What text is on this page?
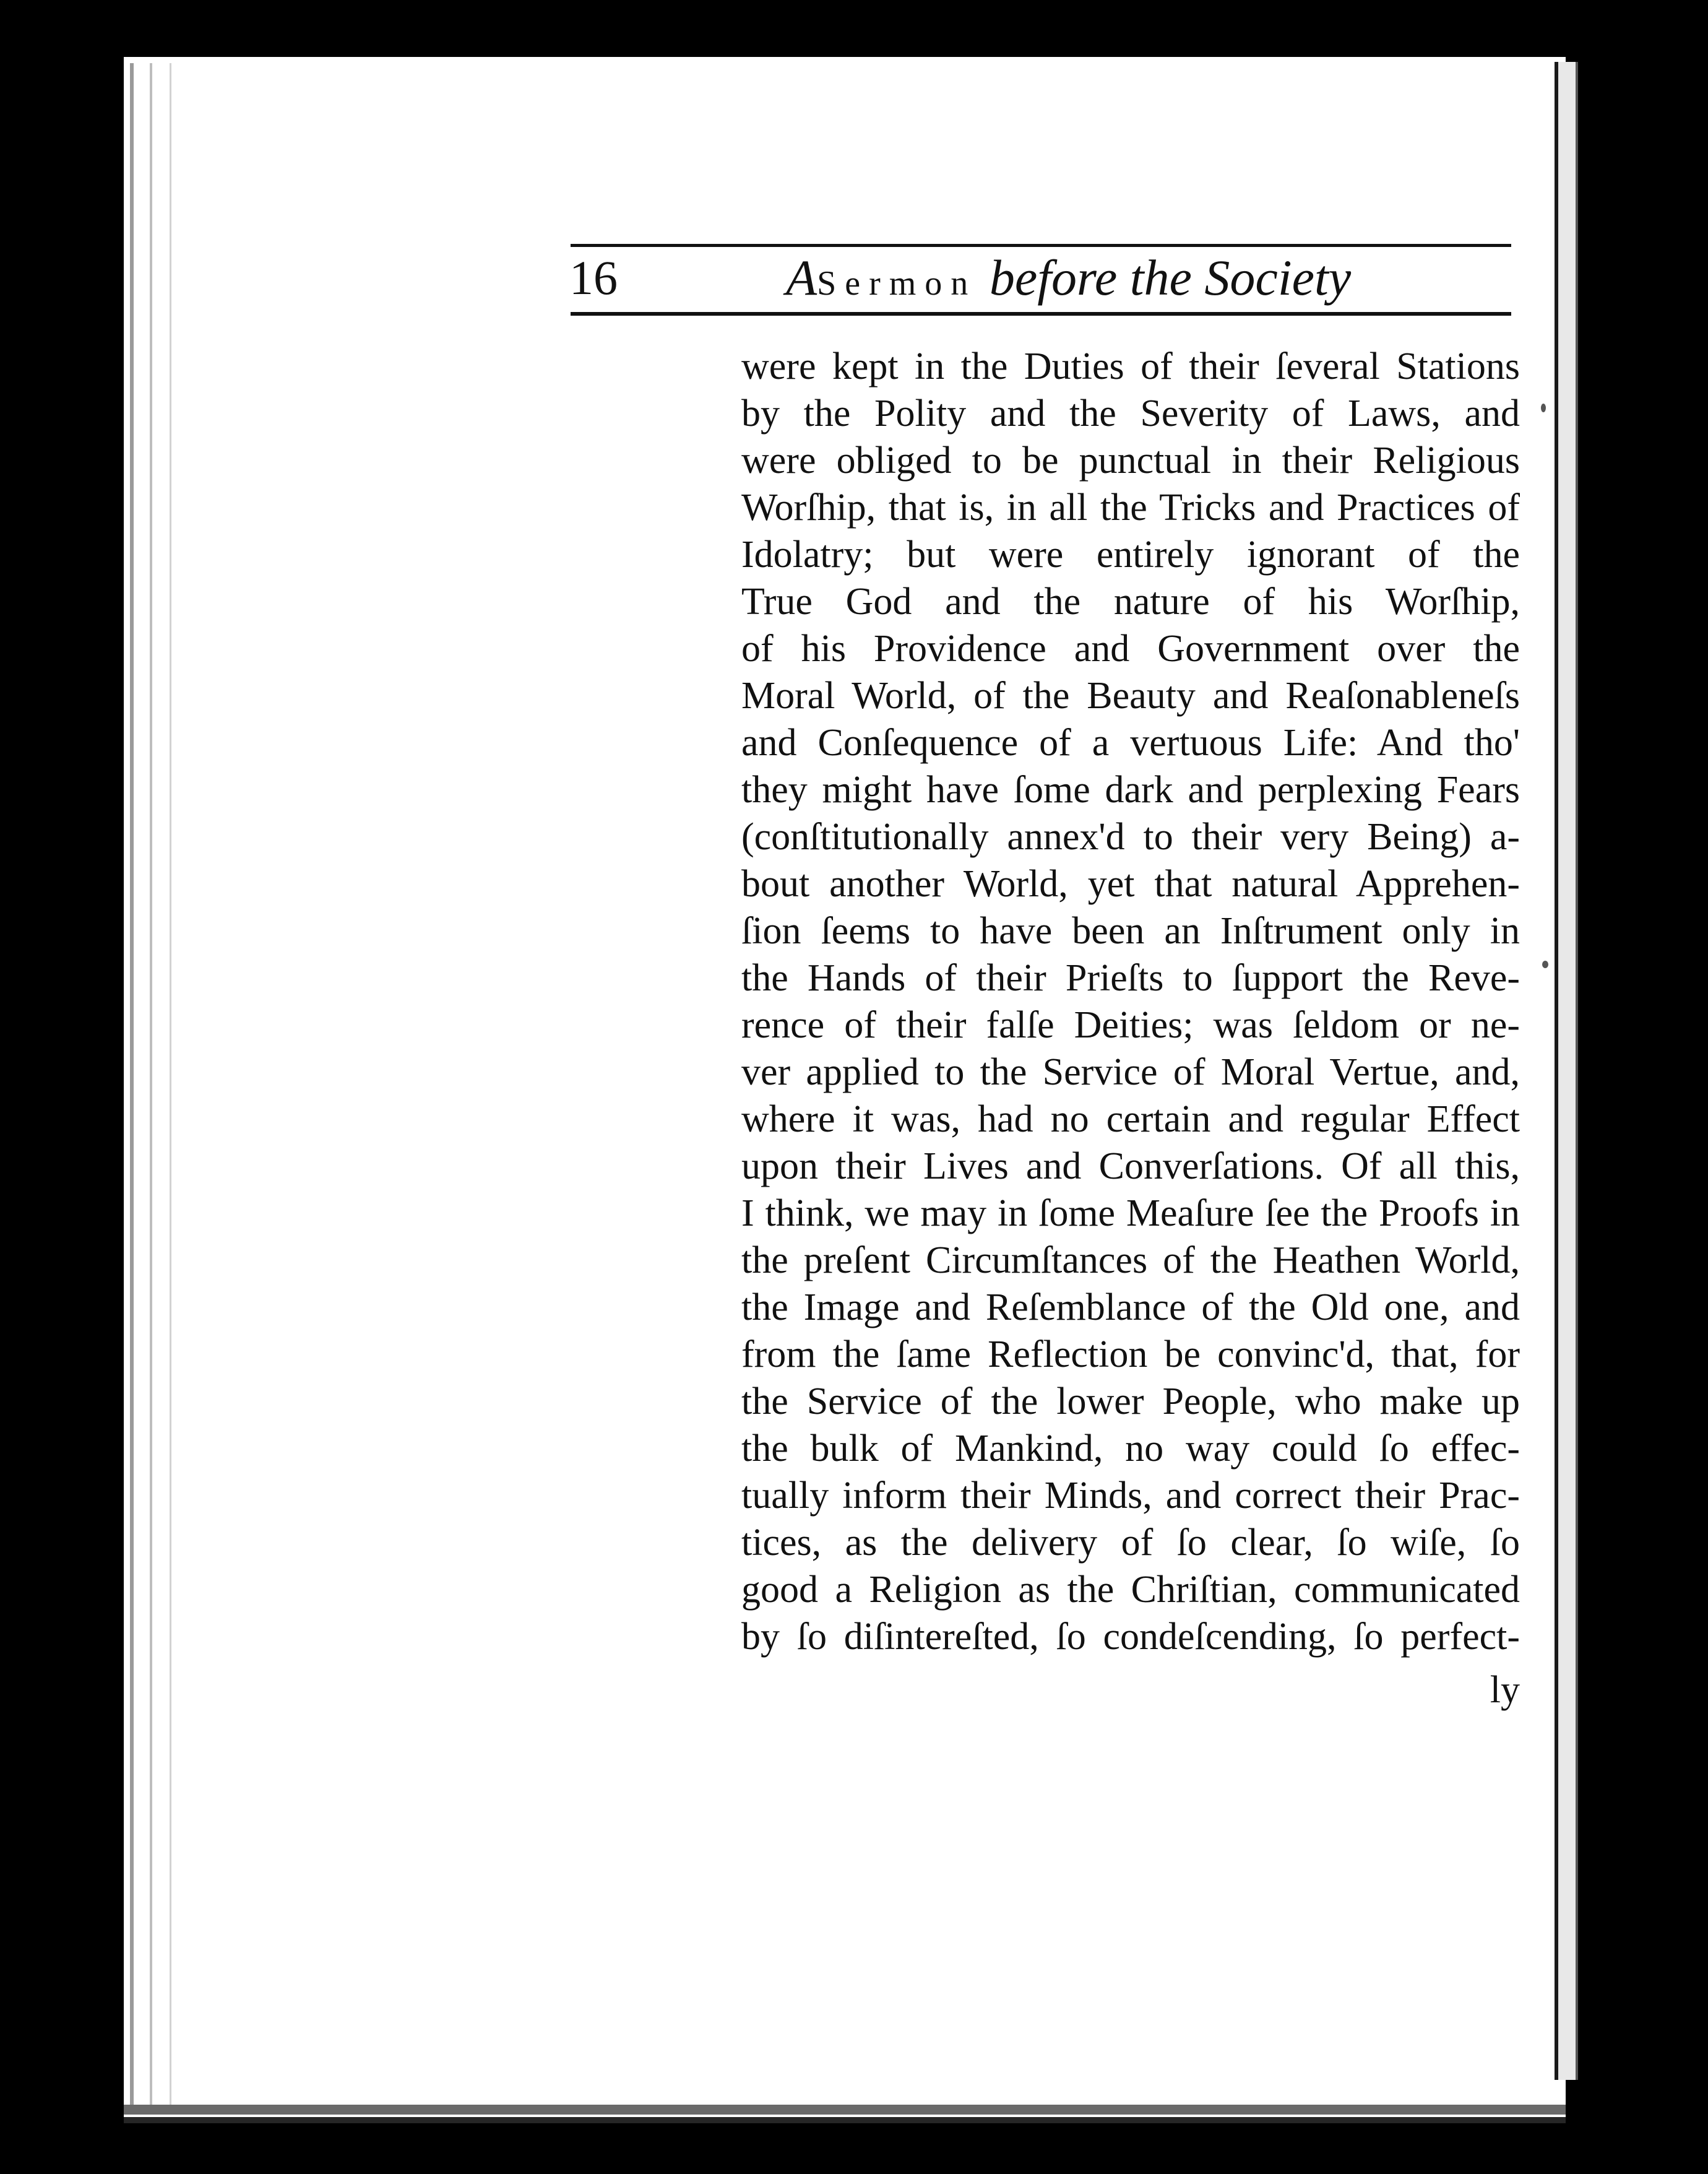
16	ASermon before the Society
were kept in the Duties of their ſeveral Stations
by the Polity and the Severity of Laws, and
were obliged to be punctual in their Religious
Worſhip, that is, in all the Tricks and Practices of
Idolatry; but were entirely ignorant of the
True God and the nature of his Worſhip,
of his Providence and Government over the
Moral World, of the Beauty and Reaſonableneſs
and Conſequence of a vertuous Life: And tho'
they might have ſome dark and perplexing Fears
(conſtitutionally annex'd to their very Being) a-
bout another World, yet that natural Apprehen-
ſion ſeems to have been an Inſtrument only in
the Hands of their Prieſts to ſupport the Reve-
rence of their falſe Deities; was ſeldom or ne-
ver applied to the Service of Moral Vertue, and,
where it was, had no certain and regular Effect
upon their Lives and Converſations. Of all this,
I think, we may in ſome Meaſure ſee the Proofs in
the preſent Circumſtances of the Heathen World,
the Image and Reſemblance of the Old one, and
from the ſame Reflection be convinc'd, that, for
the Service of the lower People, who make up
the bulk of Mankind, no way could ſo effec-
tually inform their Minds, and correct their Prac-
tices, as the delivery of ſo clear, ſo wiſe, ſo
good a Religion as the Chriſtian, communicated
by ſo diſintereſted, ſo condeſcending, ſo perfect-
ly
